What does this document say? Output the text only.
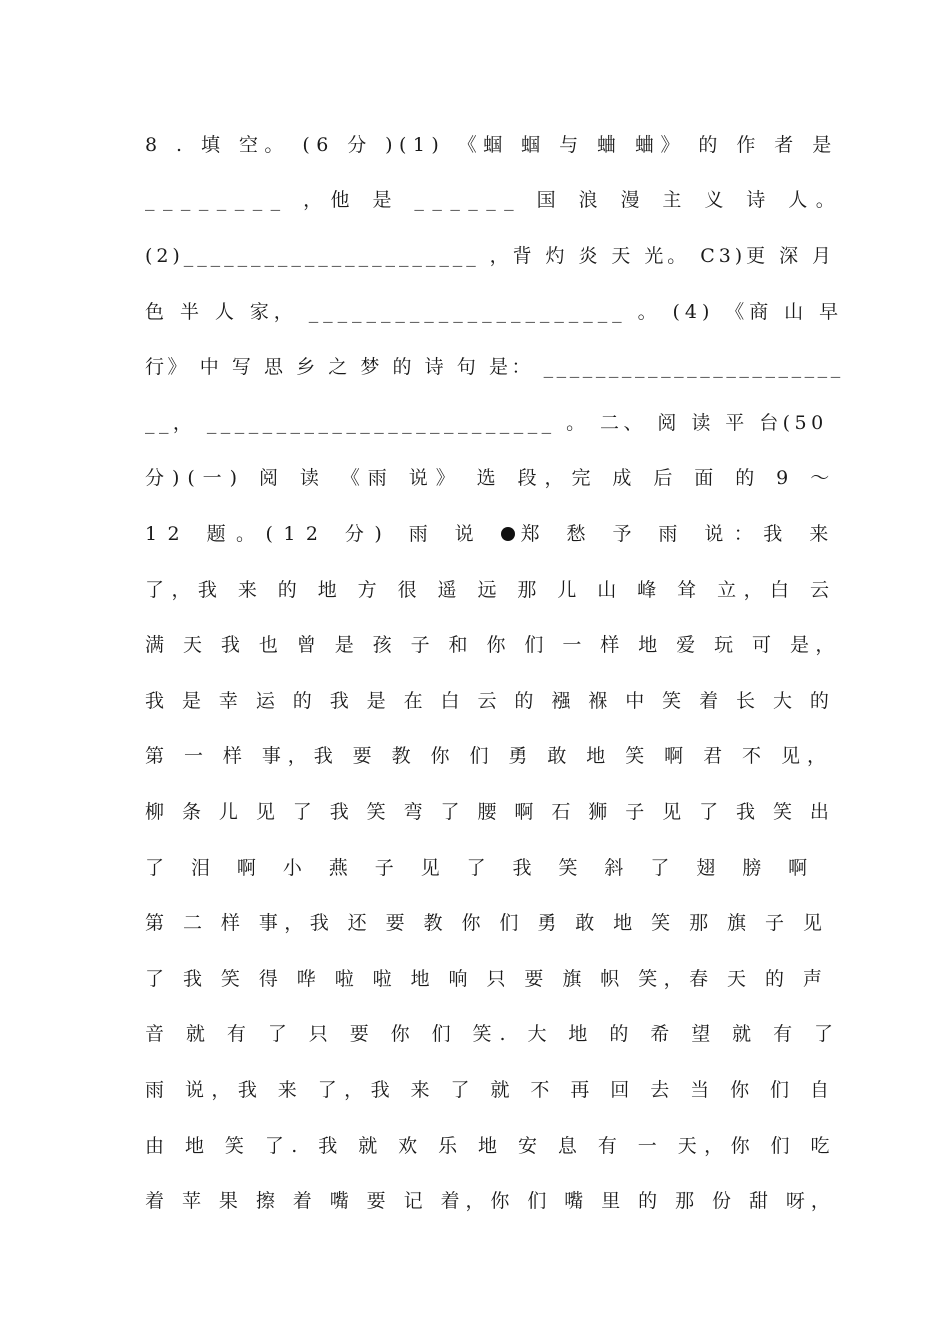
8 . 填 空。 (6 分 )(1) 《蝈 蝈 与 蛐 蛐》 的 作 者 是
________ ，他 是 ______ 国 浪 漫 主 义 诗 人。
(2)______________________ ，背 灼 炎 天 光。 C3)更 深 月
色 半 人 家， ______________________ 。 (4) 《商 山 早
行》 中 写 思 乡 之 梦 的 诗 句 是： _______________________
__， _________________________ 。 二、 阅 读 平 台(50
分)(一) 阅 读 《雨 说》 选 段，完 成 后 面 的 9 ～
12 题。(12 分) 雨 说 郑 愁 予 雨 说：我 来
了，我 来 的 地 方 很 遥 远 那 儿 山 峰 耸 立，白 云
满 天 我 也 曾 是 孩 子 和 你 们 一 样 地 爱 玩 可 是，
我 是 幸 运 的 我 是 在 白 云 的 襁 褓 中 笑 着 长 大 的
第 一 样 事，我 要 教 你 们 勇 敢 地 笑 啊 君 不 见，
柳 条 儿 见 了 我 笑 弯 了 腰 啊 石 狮 子 见 了 我 笑 出
了 泪 啊 小 燕 子 见 了 我 笑 斜 了 翅 膀 啊
第 二 样 事，我 还 要 教 你 们 勇 敢 地 笑 那 旗 子 见
了 我 笑 得 哗 啦 啦 地 响 只 要 旗 帜 笑，春 天 的 声
音 就 有 了 只 要 你 们 笑. 大 地 的 希 望 就 有 了
雨 说，我 来 了，我 来 了 就 不 再 回 去 当 你 们 自
由 地 笑 了. 我 就 欢 乐 地 安 息 有 一 天，你 们 吃
着 苹 果 擦 着 嘴 要 记 着，你 们 嘴 里 的 那 份 甜 呀，
